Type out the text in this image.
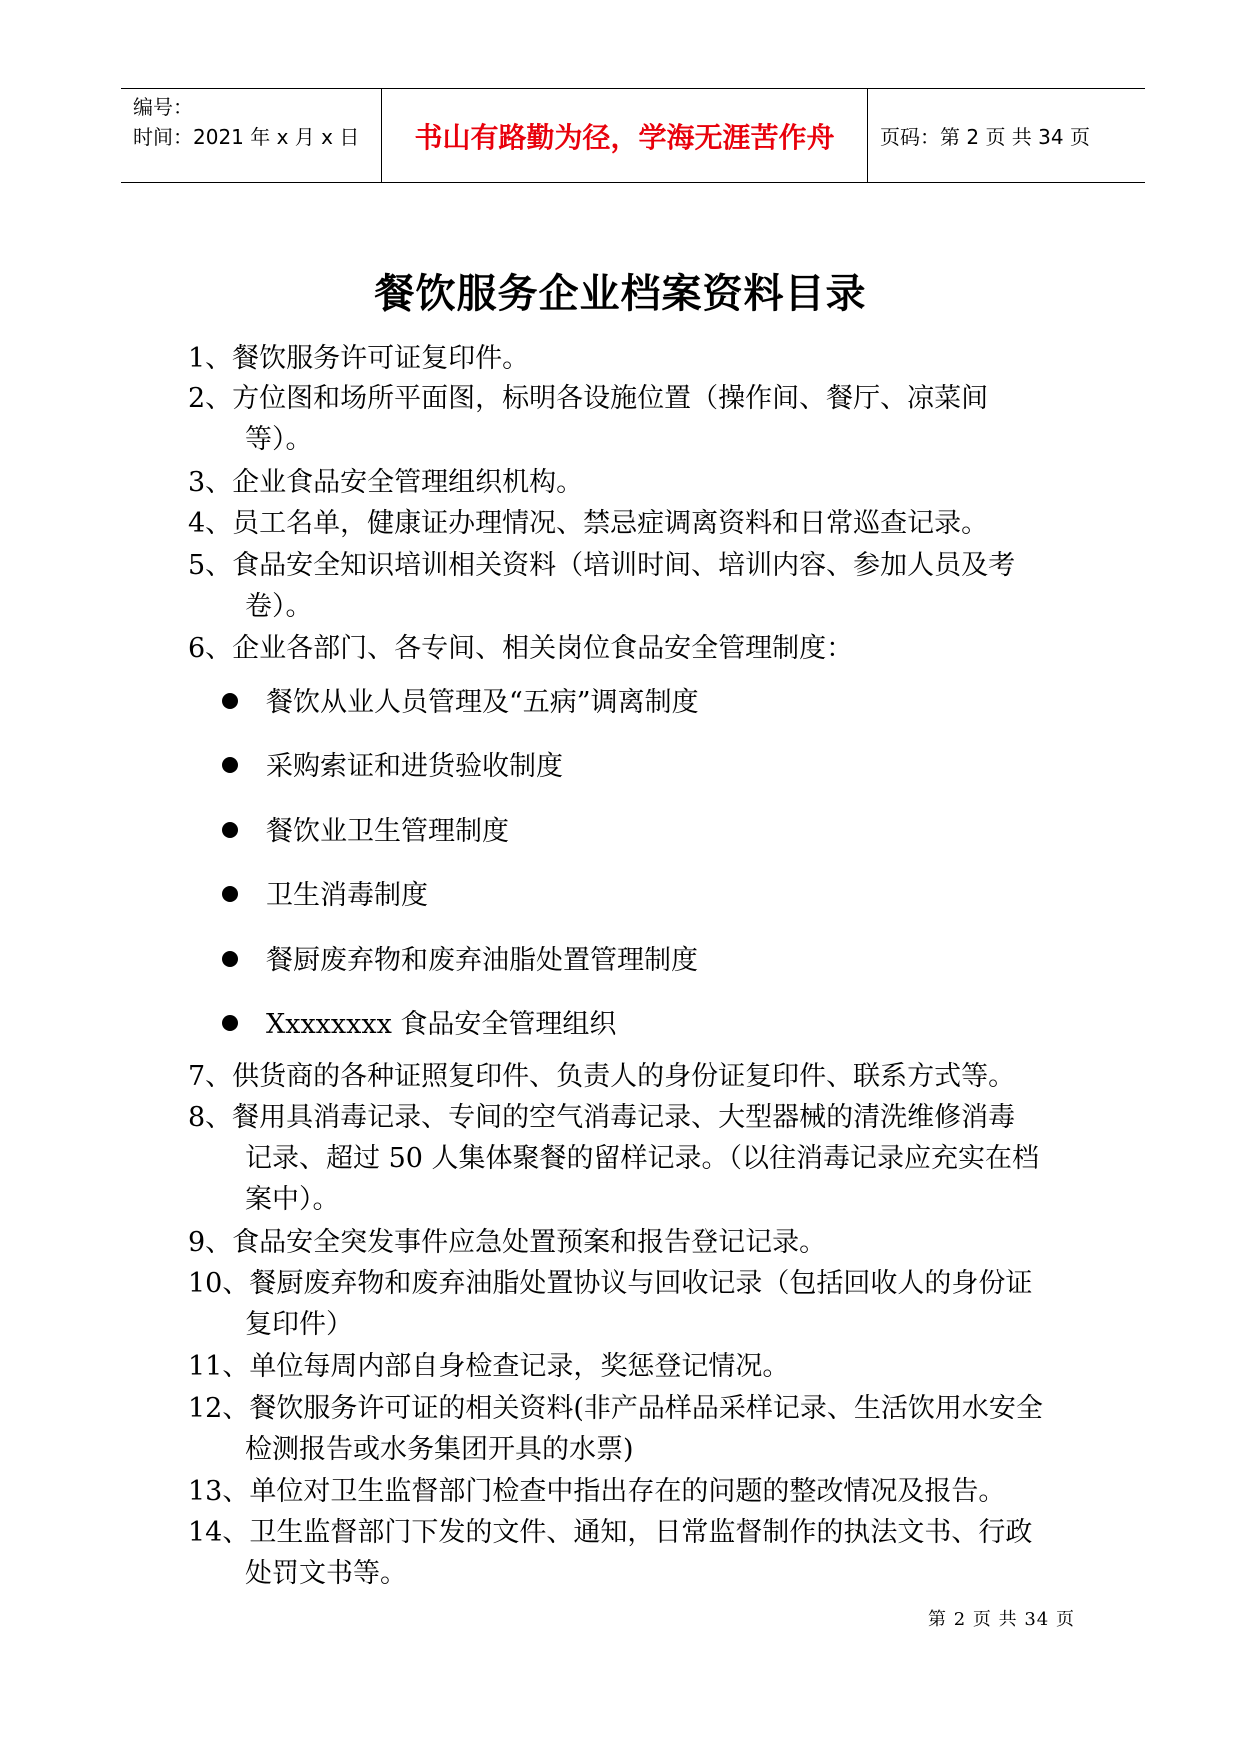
编号：
时间：2021 年 x 月 x 日	书山有路勤为径，学海无涯苦作舟	页码：第 2 页 共 34 页
餐饮服务企业档案资料目录
1、餐饮服务许可证复印件。
2、方位图和场所平面图，标明各设施位置（操作间、餐厅、凉菜间
等）。
3、企业食品安全管理组织机构。
4、员工名单，健康证办理情况、禁忌症调离资料和日常巡查记录。
5、食品安全知识培训相关资料（培训时间、培训内容、参加人员及考
卷）。
6、企业各部门、各专间、相关岗位食品安全管理制度：
餐饮从业人员管理及“五病”调离制度
采购索证和进货验收制度
餐饮业卫生管理制度
卫生消毒制度
餐厨废弃物和废弃油脂处置管理制度
Xxxxxxxx 食品安全管理组织
7、供货商的各种证照复印件、负责人的身份证复印件、联系方式等。
8、餐用具消毒记录、专间的空气消毒记录、大型器械的清洗维修消毒
记录、超过 50 人集体聚餐的留样记录。（以往消毒记录应充实在档
案中）。
9、食品安全突发事件应急处置预案和报告登记记录。
10、餐厨废弃物和废弃油脂处置协议与回收记录（包括回收人的身份证
复印件）
11、单位每周内部自身检查记录，奖惩登记情况。
12、餐饮服务许可证的相关资料(非产品样品采样记录、生活饮用水安全
检测报告或水务集团开具的水票)
13、单位对卫生监督部门检查中指出存在的问题的整改情况及报告。
14、卫生监督部门下发的文件、通知，日常监督制作的执法文书、行政
处罚文书等。
第 2 页 共 34 页
